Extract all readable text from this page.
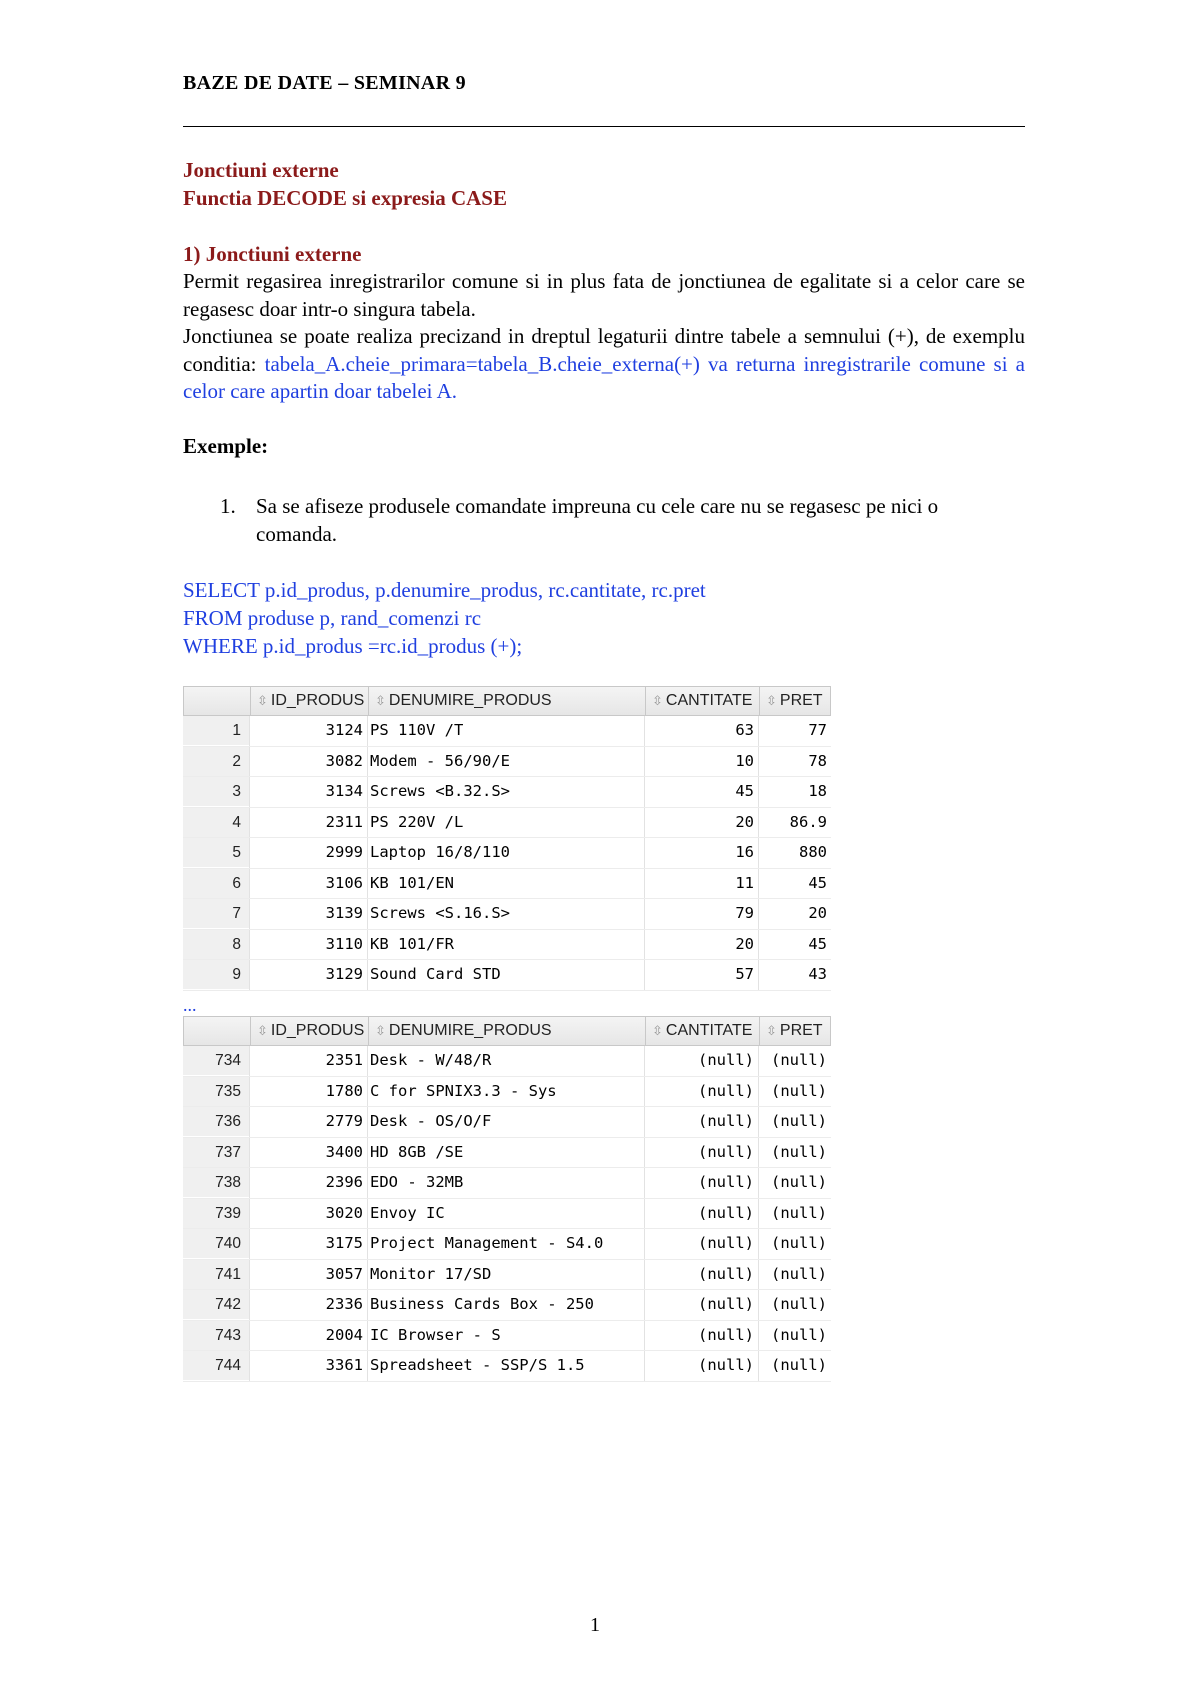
BAZE DE DATE – SEMINAR 9
Jonctiuni externe
Functia DECODE si expresia CASE
1) Jonctiuni externe
Permit regasirea inregistrarilor comune si in plus fata de jonctiunea de egalitate si a celor care se regasesc doar intr-o singura tabela.
Jonctiunea se poate realiza precizand in dreptul legaturii dintre tabele a semnului (+), de exemplu conditia: tabela_A.cheie_primara=tabela_B.cheie_externa(+) va returna inregistrarile comune si a celor care apartin doar tabelei A.
Exemple:
1. Sa se afiseze produsele comandate impreuna cu cele care nu se regasesc pe nici o comanda.
SELECT p.id_produs, p.denumire_produs, rc.cantitate, rc.pret
FROM produse p, rand_comenzi rc
WHERE p.id_produs =rc.id_produs (+);
⇳ ID_PRODUS ⇳ DENUMIRE_PRODUS	⇳ CANTITATE	⇳ PRET
1	3124 PS 110V /T	63	77
2	3082 Modem - 56/90/E	10	78
3	3134 Screws <B.32.S>	45	18
4	2311 PS 220V /L	20	86.9
5	2999 Laptop 16/8/110	16	880
6	3106 KB 101/EN	11	45
7	3139 Screws <S.16.S>	79	20
8	3110 KB 101/FR	20	45
9	3129 Sound Card STD	57	43
...
⇳ ID_PRODUS ⇳ DENUMIRE_PRODUS	⇳ CANTITATE	⇳ PRET
734	2351 Desk - W/48/R	(null)	(null)
735	1780 C for SPNIX3.3 - Sys	(null)	(null)
736	2779 Desk - OS/O/F	(null)	(null)
737	3400 HD 8GB /SE	(null)	(null)
738	2396 EDO - 32MB	(null)	(null)
739	3020 Envoy IC	(null)	(null)
740	3175 Project Management - S4.0	(null)	(null)
741	3057 Monitor 17/SD	(null)	(null)
742	2336 Business Cards Box - 250	(null)	(null)
743	2004 IC Browser - S	(null)	(null)
744	3361 Spreadsheet - SSP/S 1.5	(null)	(null)
1
